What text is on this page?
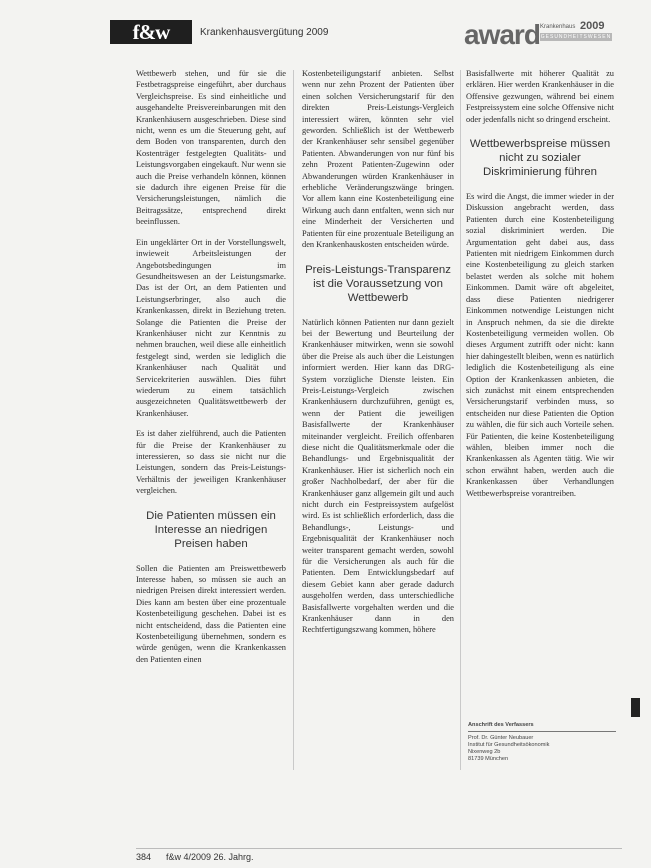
f&w	Krankenhausvergütung 2009	award Krankenhaus 2009
GESUNDHEITSWESEN

Wettbewerb stehen, und für sie die Festbetragspreise eingeführt, aber durchaus Vergleichspreise. Es sind einheitliche und ausgehandelte Preisvereinbarungen mit den Krankenhäusern ausgeschrieben. Diese sind nicht, wenn es um die Steuerung geht, auf dem Boden von transparenten, durch den Kostenträger festgelegten Qualitäts- und Leistungsvorgaben eingekauft. Nur wenn sie auch die Preise verhandeln können, können sie dadurch ihre eigenen Preise für die Versicherungsleistungen, nämlich die Beitragssätze, entsprechend direkt beeinflussen.

Ein ungeklärter Ort in der Vorstellungswelt, inwieweit Arbeitsleistungen der Angebotsbedingungen im Gesundheitswesen an der Leistungsmarke. Das ist der Ort, an dem Patienten und Leistungserbringer, also auch die Krankenkassen, direkt in Beziehung treten. Solange die Patienten die Preise der Krankenhäuser nicht zur Kenntnis zu nehmen brauchen, weil diese alle einheitlich festgelegt sind, werden sie lediglich die Krankenhäuser nach Qualität und Servicekriterien auswählen. Dies führt wiederum zu einem tatsächlich ausgezeichneten Qualitätswettbewerb der Krankenhäuser.

Es ist daher zielführend, auch die Patienten für die Preise der Krankenhäuser zu interessieren, so dass sie nicht nur die Leistungen, sondern das Preis-Leistungs-Verhältnis der jeweiligen Krankenhäuser vergleichen.

Die Patienten müssen ein Interesse an niedrigen Preisen haben

Sollen die Patienten am Preiswettbewerb Interesse haben, so müssen sie auch an niedrigen Preisen direkt interessiert werden. Dies kann am besten über eine prozentuale Kostenbeteiligung geschehen. Dabei ist es nicht entscheidend, dass die Patienten eine Kostenbeteiligung übernehmen, sondern es würde genügen, wenn die Krankenkassen den Patienten einen

Kostenbeteiligungstarif anbieten. Selbst wenn nur zehn Prozent der Patienten über einen solchen Versicherungstarif für den direkten Preis-Leistungs-Vergleich interessiert wären, könnten sehr viel geworden. Schließlich ist der Wettbewerb der Krankenhäuser sehr sensibel gegenüber Patienten. Abwanderungen von nur fünf bis zehn Prozent Patienten-Zugewinn oder Abwanderungen würden Krankenhäuser in erhebliche Veränderungszwänge bringen. Vor allem kann eine Kostenbeteiligung eine Wirkung auch dann entfalten, wenn sich nur eine Minderheit der Versicherten und Patienten für eine prozentuale Beteiligung an den Krankenhauskosten entscheiden würde.

Preis-Leistungs-Transparenz ist die Voraussetzung von Wettbewerb

Natürlich können Patienten nur dann gezielt bei der Bewertung und Beurteilung der Krankenhäuser mitwirken, wenn sie sowohl über die Preise als auch über die Leistungen informiert werden. Hier kann das DRG-System vorzügliche Dienste leisten. Ein Preis-Leistungs-Vergleich zwischen Krankenhäusern durchzuführen, genügt es, wenn der Patient die jeweiligen Basisfallwerte der Krankenhäuser miteinander vergleicht. Freilich offenbaren diese nicht die Qualitätsmerkmale oder die Behandlungs- und Ergebnisqualität der Krankenhäuser. Hier ist sicherlich noch ein großer Nachholbedarf, der aber für die Krankenhäuser ganz allgemein gilt und auch nicht durch ein Festpreissystem aufgelöst wird. Es ist schließlich erforderlich, dass die Behandlungs-, Leistungs- und Ergebnisqualität der Krankenhäuser noch weiter transparent gemacht werden, sowohl für die Versicherungen als auch für die Patienten. Dem Entwicklungsbedarf auf diesem Gebiet kann aber gerade dadurch ausgeholfen werden, dass unterschiedliche Basisfallwerte vorgehalten werden und die Krankenhäuser dann in den Rechtfertigungszwang kommen, höhere

Basisfallwerte mit höherer Qualität zu erklären. Hier werden Krankenhäuser in die Offensive gezwungen, während bei einem Festpreissystem eine solche Offensive nicht oder jedenfalls nicht so dringend erscheint.

Wettbewerbspreise müssen nicht zu sozialer Diskriminierung führen

Es wird die Angst, die immer wieder in der Diskussion angebracht werden, dass Patienten durch eine Kostenbeteiligung sozial diskriminiert werden. Die Argumentation geht dabei aus, dass Patienten mit niedrigem Einkommen durch eine Kostenbeteiligung zu gleich starken belastet werden als solche mit hohem Einkommen. Damit wäre oft abgeleitet, dass diese Patienten niedrigerer Einkommen notwendige Leistungen nicht in Anspruch nehmen, da sie die direkte Kostenbeteiligung vermeiden wollen. Ob dieses Argument zutrifft oder nicht: kann hier dahingestellt bleiben, wenn es natürlich lediglich die Kostenbeteiligung als eine Option der Krankenkassen anbieten, die sich zunächst mit einem entsprechenden Versicherungstarif verbinden muss, so entscheiden nur diese Patienten die Option zu wählen, die für sich auch Vorteile sehen. Für Patienten, die keine Kostenbeteiligung wählen, bleiben immer noch die Krankenkassen als Agenten tätig. Wie wir schon erwähnt haben, werden auch die Krankenkassen über Verhandlungen Wettbewerbspreise vorantreiben.

Anschrift des Verfassers
Prof. Dr. Günter Neubauer
Institut für Gesundheitsökonomik
Nixenweg 2b
81739 München
384 f&w 4/2009 26. Jahrg.
